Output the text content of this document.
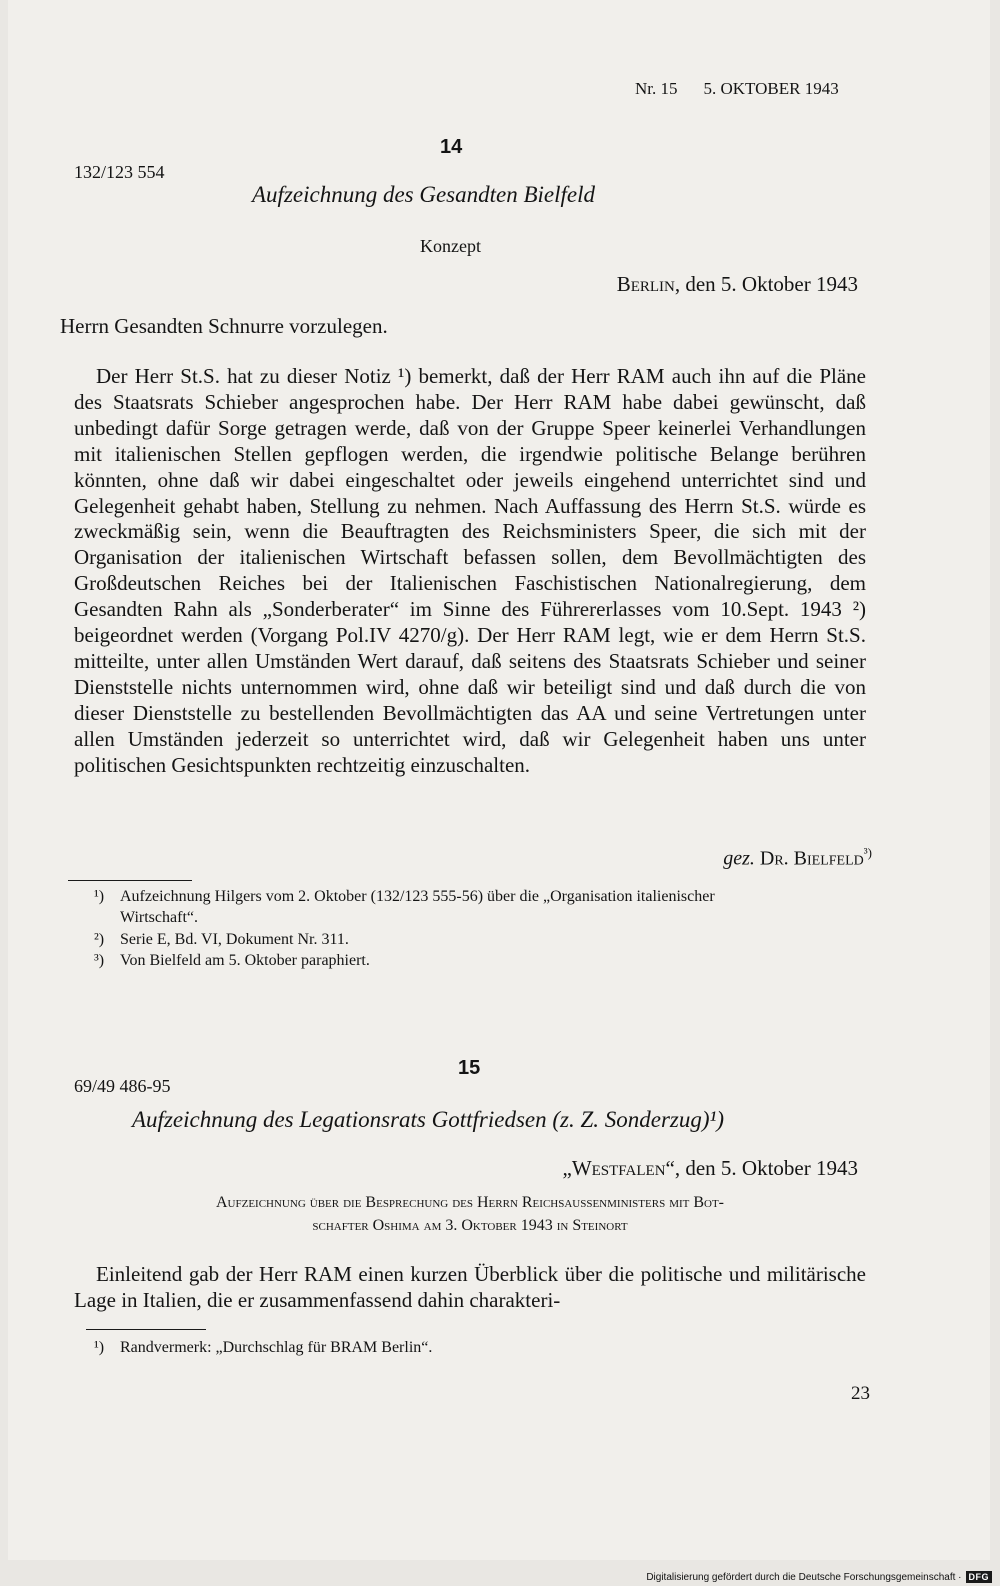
Nr. 15 5. OKTOBER 1943
14
132/123 554
Aufzeichnung des Gesandten Bielfeld
Konzept
Berlin, den 5. Oktober 1943
Herrn Gesandten Schnurre vorzulegen.

Der Herr St.S. hat zu dieser Notiz ¹) bemerkt, daß der Herr RAM auch ihn auf die Pläne des Staatsrats Schieber angesprochen habe. Der Herr RAM habe dabei gewünscht, daß unbedingt dafür Sorge getragen werde, daß von der Gruppe Speer keinerlei Verhandlungen mit italienischen Stellen gepflogen werden, die irgendwie politische Belange berühren könnten, ohne daß wir dabei eingeschaltet oder jeweils eingehend unterrichtet sind und Gelegenheit gehabt haben, Stellung zu nehmen. Nach Auffassung des Herrn St.S. würde es zweckmäßig sein, wenn die Beauftragten des Reichsministers Speer, die sich mit der Organisation der italienischen Wirtschaft befassen sollen, dem Bevollmächtigten des Großdeutschen Reiches bei der Italienischen Faschistischen Nationalregierung, dem Gesandten Rahn als „Sonderberater“ im Sinne des Führererlasses vom 10.Sept. 1943 ²) beigeordnet werden (Vorgang Pol.IV 4270/g). Der Herr RAM legt, wie er dem Herrn St.S. mitteilte, unter allen Umständen Wert darauf, daß seitens des Staatsrats Schieber und seiner Dienststelle nichts unternommen wird, ohne daß wir beteiligt sind und daß durch die von dieser Dienststelle zu bestellenden Bevollmächtigten das AA und seine Vertretungen unter allen Umständen jederzeit so unterrichtet wird, daß wir Gelegenheit haben uns unter politischen Gesichtspunkten rechtzeitig einzuschalten.

gez. Dr. Bielfeld$^{^3)}$
¹) Aufzeichnung Hilgers vom 2. Oktober (132/123 555-56) über die „Organisation italienischer
Wirtschaft“.
²) Serie E, Bd. VI, Dokument Nr. 311.
³) Von Bielfeld am 5. Oktober paraphiert.
15
69/49 486-95
Aufzeichnung des Legationsrats Gottfriedsen (z. Z. Sonderzug)¹)
„Westfalen“, den 5. Oktober 1943
Aufzeichnung über die Besprechung des Herrn Reichsaussenministers mit Bot-
schafter Oshima am 3. Oktober 1943 in Steinort

Einleitend gab der Herr RAM einen kurzen Überblick über die politische und militärische Lage in Italien, die er zusammenfassend dahin charakteri-

¹) Randvermerk: „Durchschlag für BRAM Berlin“.
23
Digitalisierung gefördert durch die Deutsche Forschungsgemeinschaft · DFG
